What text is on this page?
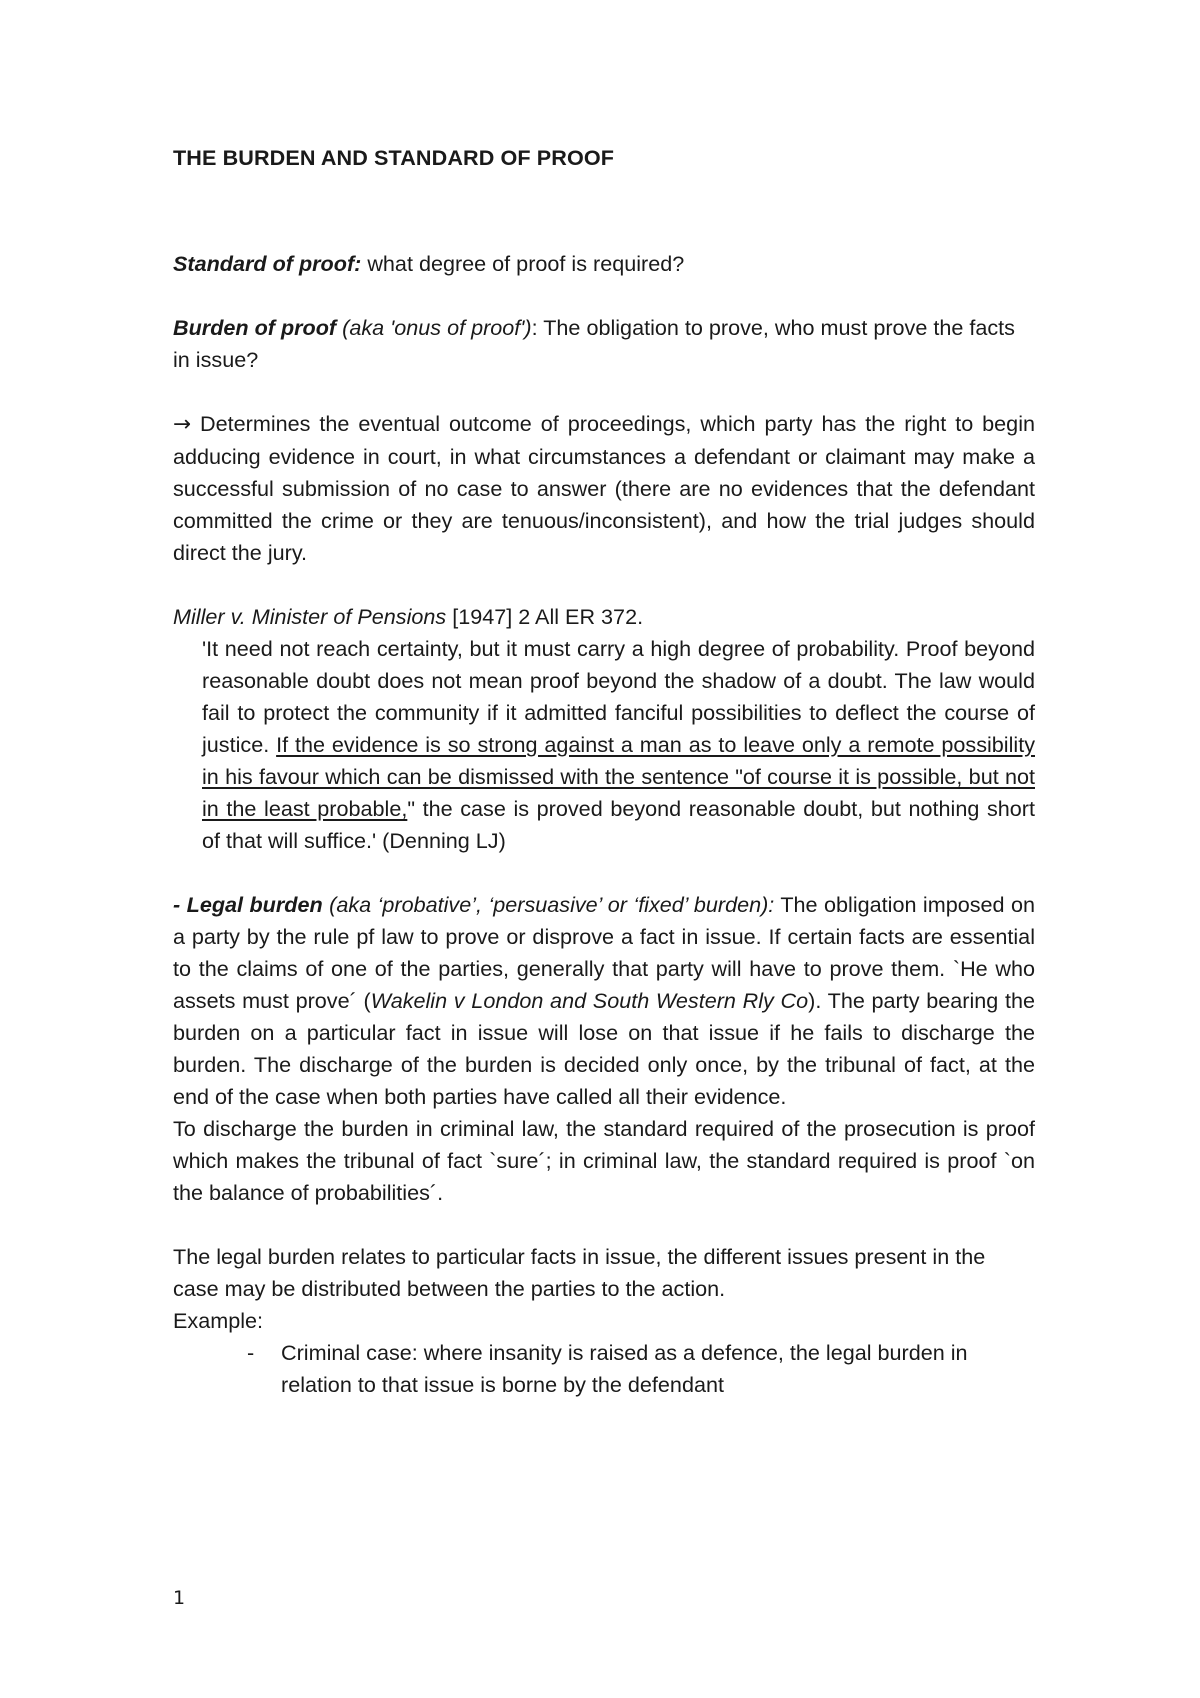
THE BURDEN AND STANDARD OF PROOF

Standard of proof: what degree of proof is required?

Burden of proof (aka 'onus of proof'): The obligation to prove, who must prove the facts in issue?

→ Determines the eventual outcome of proceedings, which party has the right to begin adducing evidence in court, in what circumstances a defendant or claimant may make a successful submission of no case to answer (there are no evidences that the defendant committed the crime or they are tenuous/inconsistent), and how the trial judges should direct the jury.

Miller v. Minister of Pensions [1947] 2 All ER 372.

'It need not reach certainty, but it must carry a high degree of probability. Proof beyond reasonable doubt does not mean proof beyond the shadow of a doubt. The law would fail to protect the community if it admitted fanciful possibilities to deflect the course of justice. If the evidence is so strong against a man as to leave only a remote possibility in his favour which can be dismissed with the sentence "of course it is possible, but not in the least probable," the case is proved beyond reasonable doubt, but nothing short of that will suffice.' (Denning LJ)

- Legal burden (aka ‘probative’, ‘persuasive’ or ‘fixed’ burden): The obligation imposed on a party by the rule pf law to prove or disprove a fact in issue. If certain facts are essential to the claims of one of the parties, generally that party will have to prove them. `He who assets must prove´ (Wakelin v London and South Western Rly Co). The party bearing the burden on a particular fact in issue will lose on that issue if he fails to discharge the burden. The discharge of the burden is decided only once, by the tribunal of fact, at the end of the case when both parties have called all their evidence.

To discharge the burden in criminal law, the standard required of the prosecution is proof which makes the tribunal of fact `sure´; in criminal law, the standard required is proof `on the balance of probabilities´.

The legal burden relates to particular facts in issue, the different issues present in the case may be distributed between the parties to the action.

Example:

-	Criminal case: where insanity is raised as a defence, the legal burden in relation to that issue is borne by the defendant
1
